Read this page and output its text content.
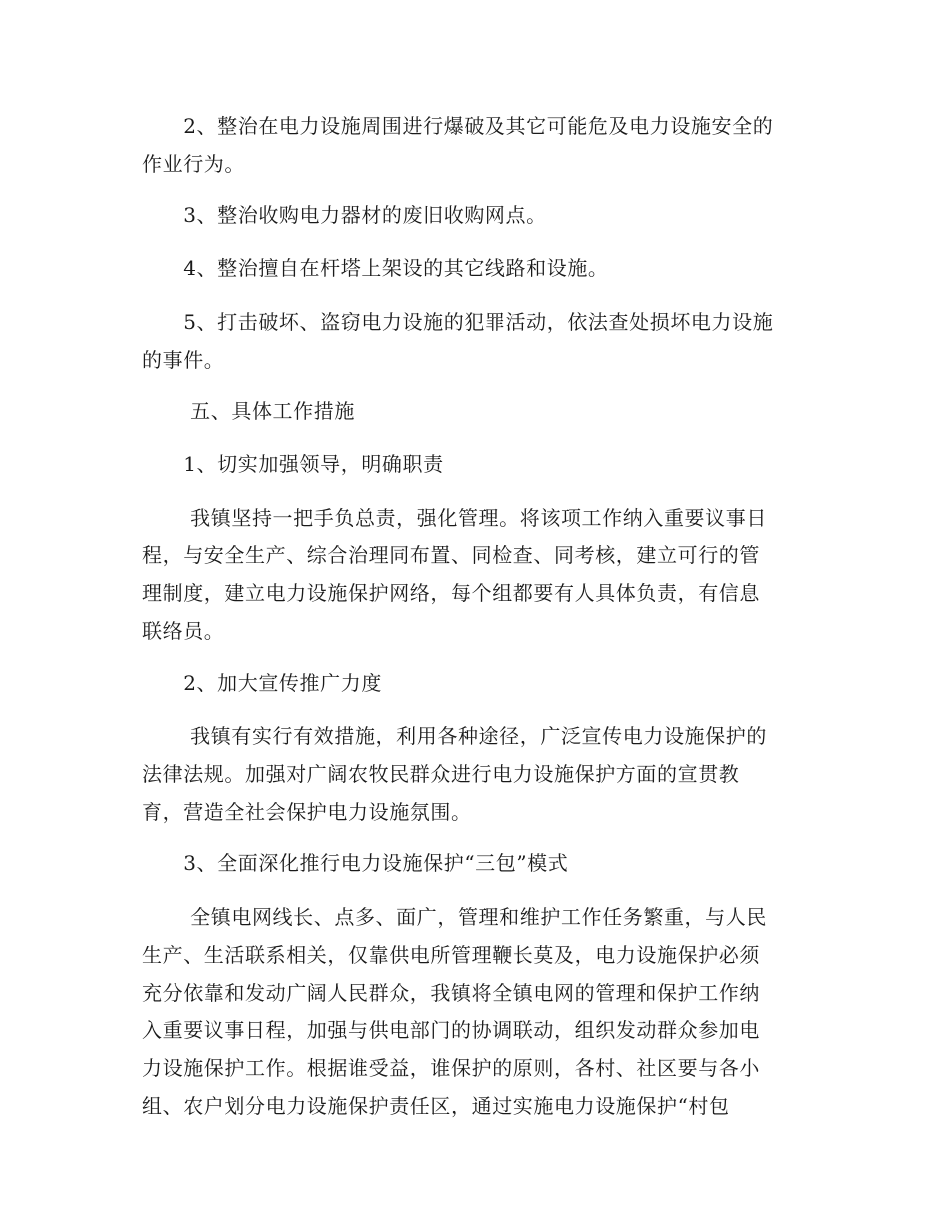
　　2、整治在电力设施周围进行爆破及其它可能危及电力设施安全的
作业行为。
　　3、整治收购电力器材的废旧收购网点。
　　4、整治擅自在杆塔上架设的其它线路和设施。
　　5、打击破坏、盗窃电力设施的犯罪活动，依法查处损坏电力设施
的事件。
　　 五、具体工作措施
　　1、切实加强领导，明确职责
　　 我镇坚持一把手负总责，强化管理。将该项工作纳入重要议事日
程，与安全生产、综合治理同布置、同检查、同考核，建立可行的管
理制度，建立电力设施保护网络，每个组都要有人具体负责，有信息
联络员。
　　2、加大宣传推广力度
　　 我镇有实行有效措施，利用各种途径，广泛宣传电力设施保护的
法律法规。加强对广阔农牧民群众进行电力设施保护方面的宣贯教
育，营造全社会保护电力设施氛围。
　　3、全面深化推行电力设施保护“三包”模式
　　 全镇电网线长、点多、面广，管理和维护工作任务繁重，与人民
生产、生活联系相关，仅靠供电所管理鞭长莫及，电力设施保护必须
充分依靠和发动广阔人民群众，我镇将全镇电网的管理和保护工作纳
入重要议事日程，加强与供电部门的协调联动，组织发动群众参加电
力设施保护工作。根据谁受益，谁保护的原则，各村、社区要与各小
组、农户划分电力设施保护责任区，通过实施电力设施保护“村包
